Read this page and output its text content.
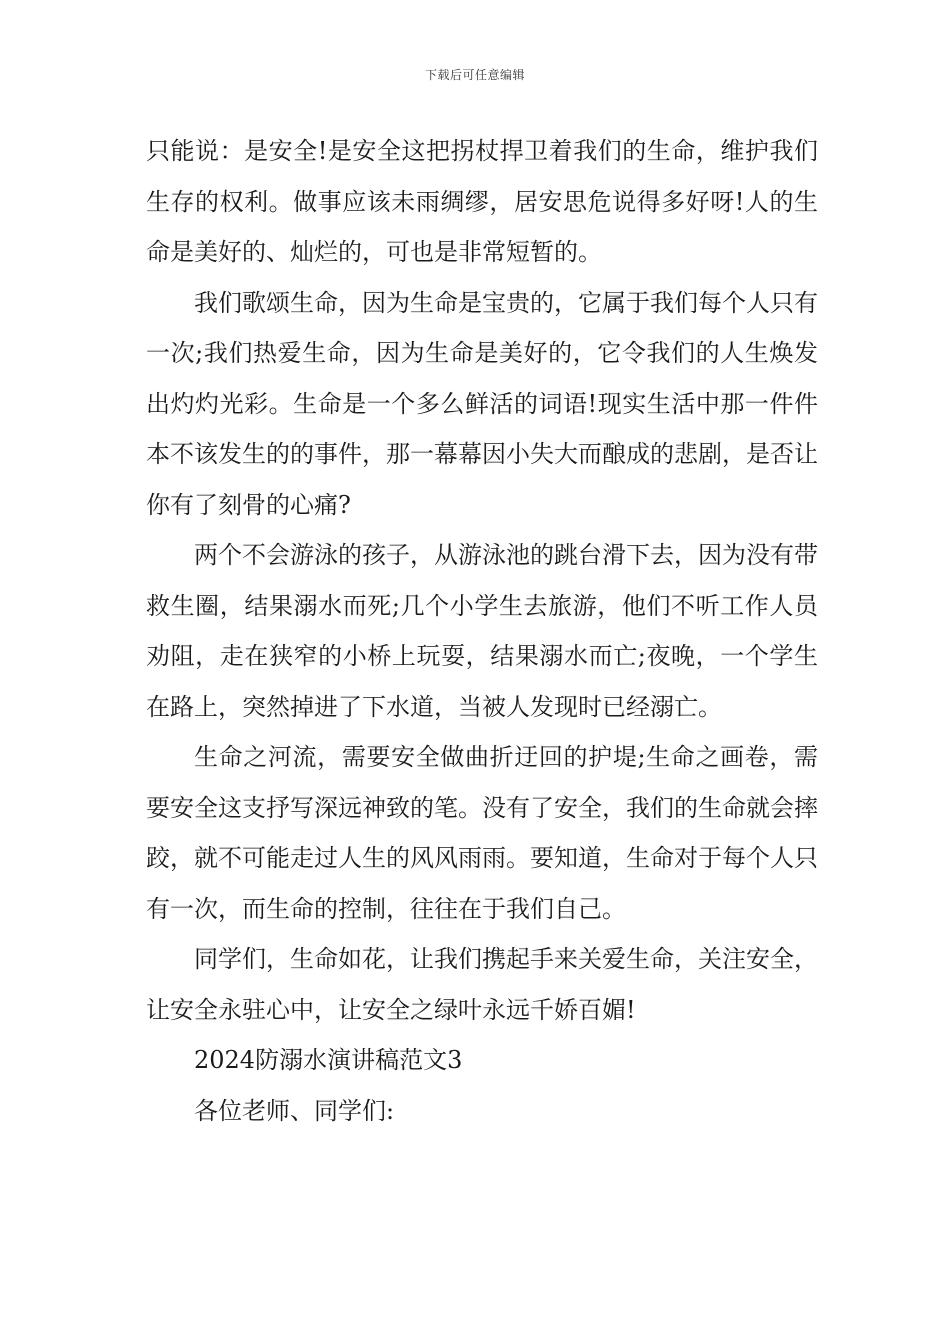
下载后可任意编辑

只能说：是安全!是安全这把拐杖捍卫着我们的生命，维护我们生存的权利。做事应该未雨绸缪，居安思危说得多好呀!人的生命是美好的、灿烂的，可也是非常短暂的。

我们歌颂生命，因为生命是宝贵的，它属于我们每个人只有一次;我们热爱生命，因为生命是美好的，它令我们的人生焕发出灼灼光彩。生命是一个多么鲜活的词语!现实生活中那一件件本不该发生的的事件，那一幕幕因小失大而酿成的悲剧，是否让你有了刻骨的心痛?

两个不会游泳的孩子，从游泳池的跳台滑下去，因为没有带救生圈，结果溺水而死;几个小学生去旅游，他们不听工作人员劝阻，走在狭窄的小桥上玩耍，结果溺水而亡;夜晚，一个学生在路上，突然掉进了下水道，当被人发现时已经溺亡。

生命之河流，需要安全做曲折迂回的护堤;生命之画卷，需要安全这支抒写深远神致的笔。没有了安全，我们的生命就会摔跤，就不可能走过人生的风风雨雨。要知道，生命对于每个人只有一次，而生命的控制，往往在于我们自己。

同学们，生命如花，让我们携起手来关爱生命，关注安全，让安全永驻心中，让安全之绿叶永远千娇百媚!

2024防溺水演讲稿范文3

各位老师、同学们:
